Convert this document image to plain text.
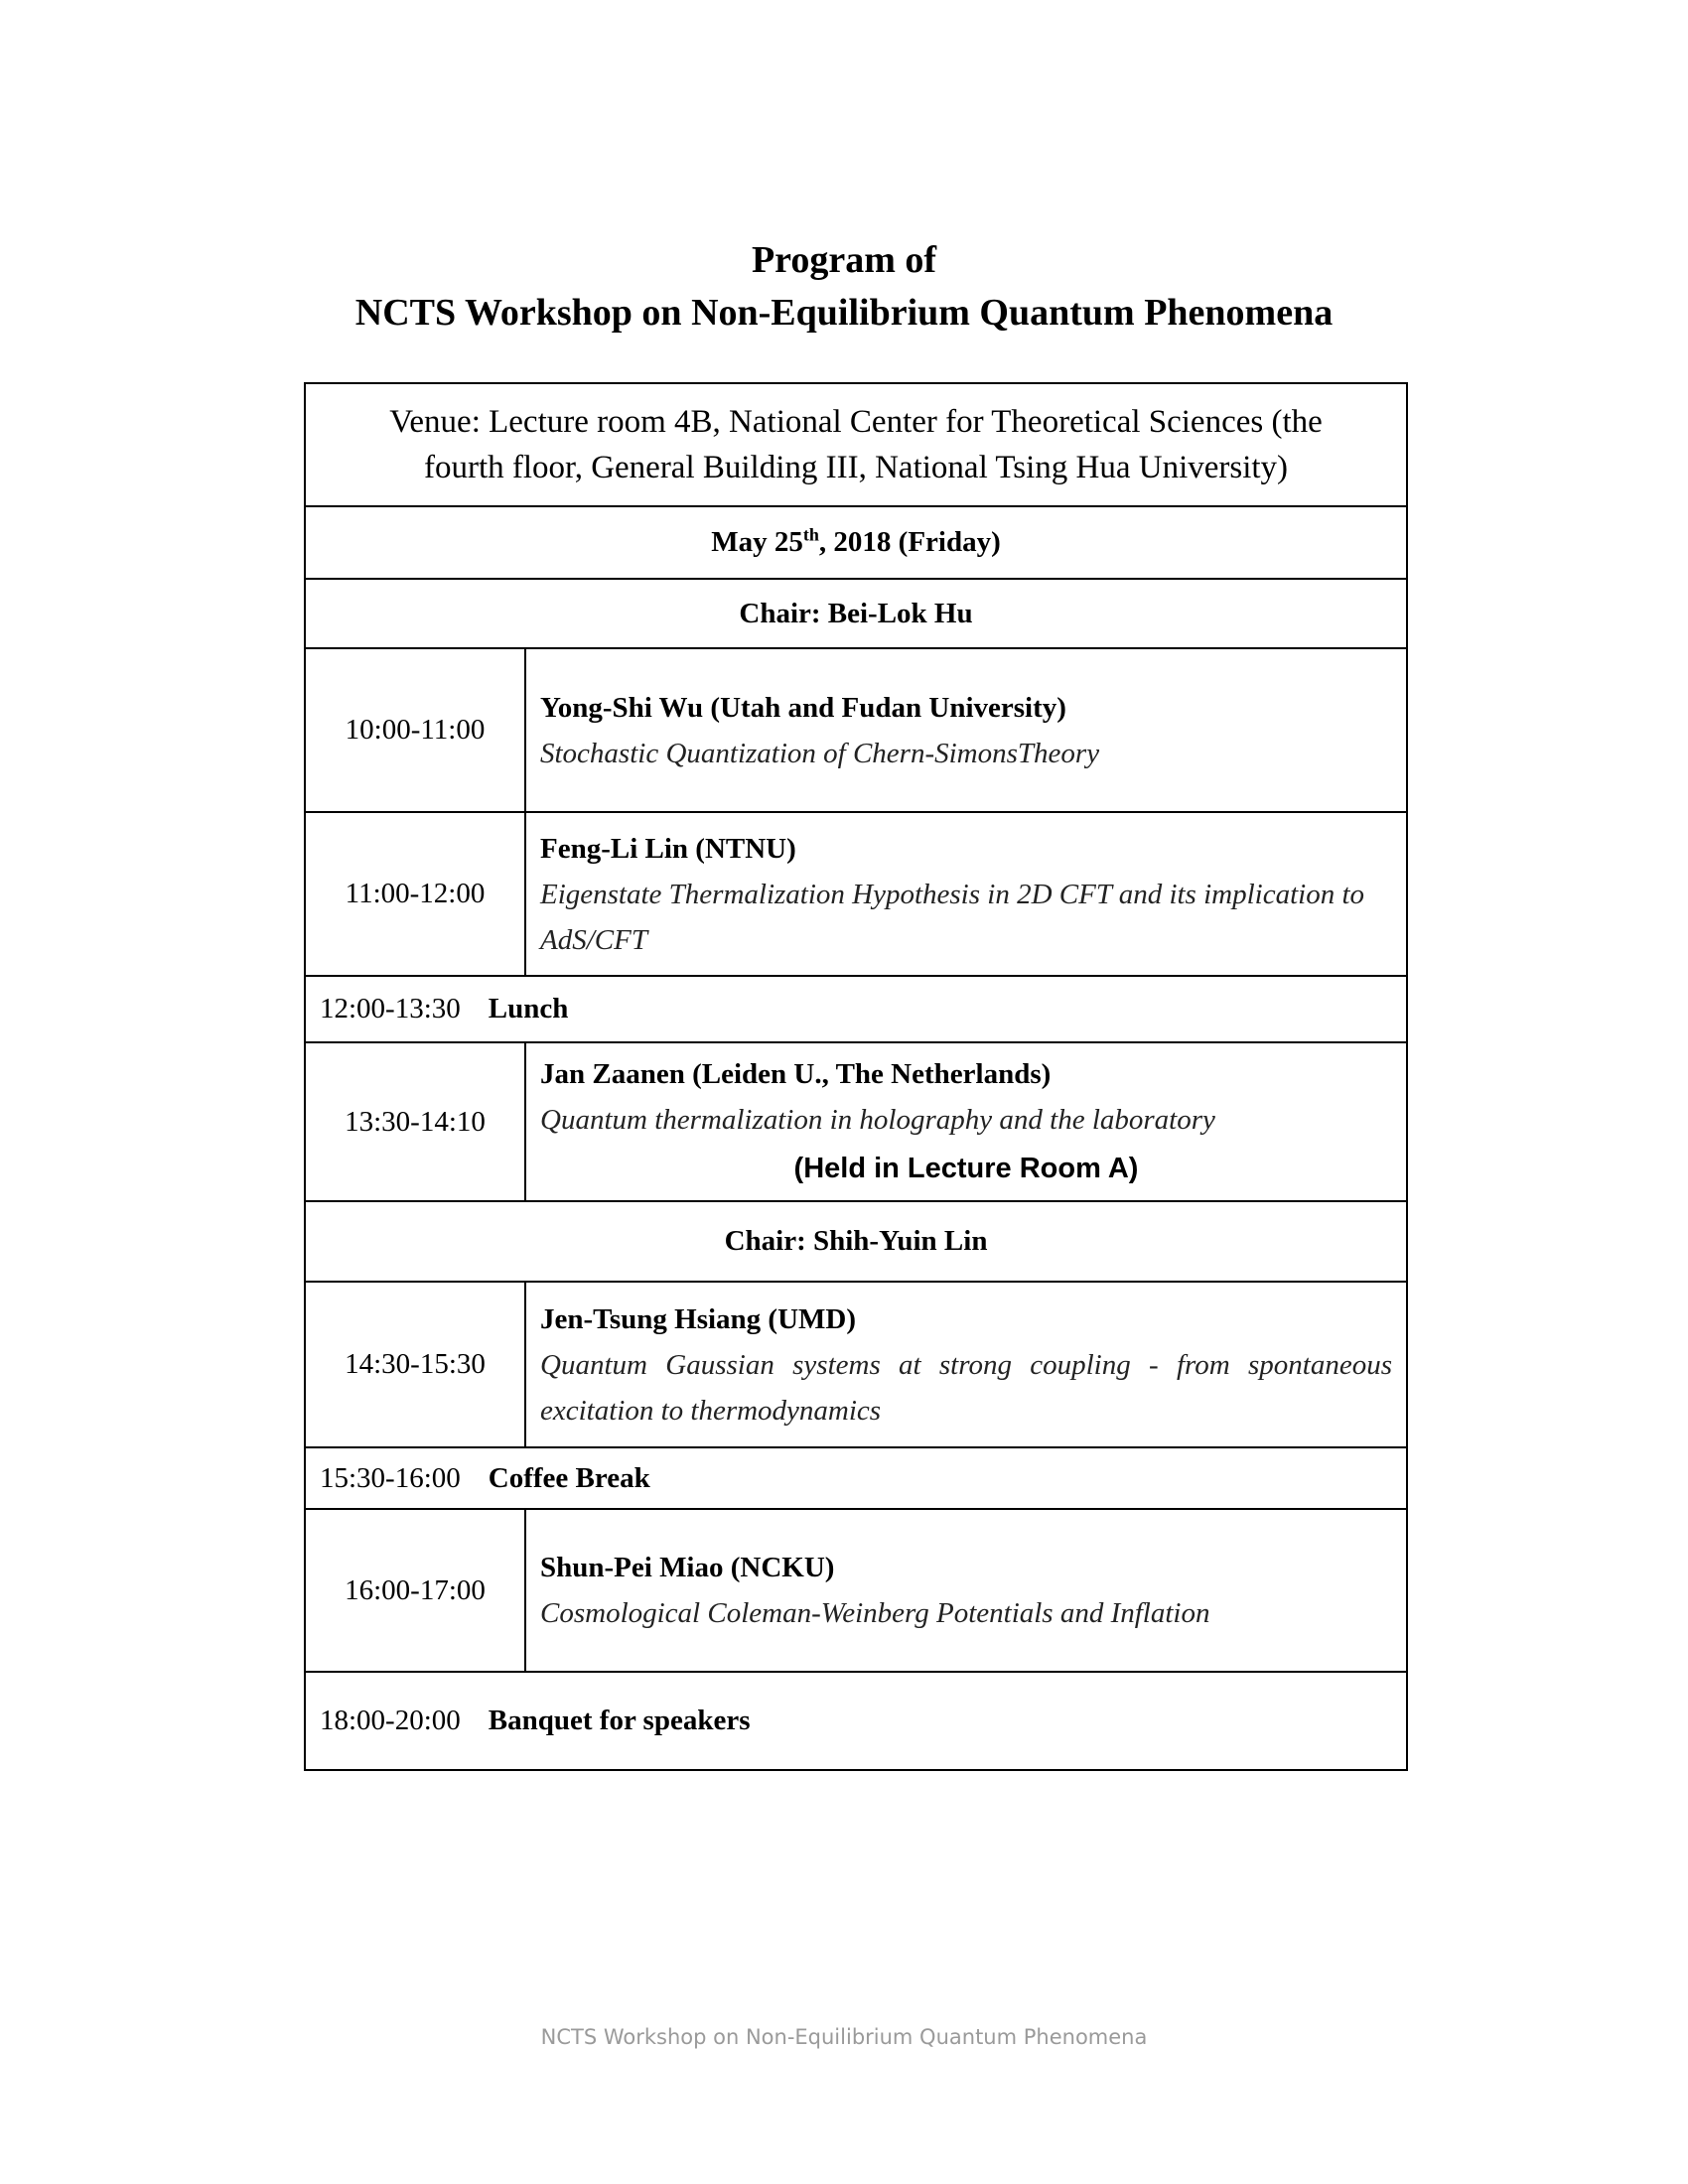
Program of
NCTS Workshop on Non-Equilibrium Quantum Phenomena
Venue: Lecture room 4B, National Center for Theoretical Sciences (the
fourth floor, General Building III, National Tsing Hua University)	

May 25th, 2018 (Friday)	
Chair: Bei-Lok Hu	
10:00-11:00	Yong-Shi Wu (Utah and Fudan University)
Stochastic Quantization of Chern-SimonsTheory

11:00-12:00	Feng-Li Lin (NTNU)
Eigenstate Thermalization Hypothesis in 2D CFT and its implication to AdS/CFT

12:00-13:30 Lunch	
13:30-14:10	Jan Zaanen (Leiden U., The Netherlands)
Quantum thermalization in holography and the laboratory
(Held in Lecture Room A)

Chair: Shih-Yuin Lin	
14:30-15:30	Jen-Tsung Hsiang (UMD)
Quantum Gaussian systems at strong coupling - from spontaneous excitation to thermodynamics

15:30-16:00 Coffee Break	
16:00-17:00	Shun-Pei Miao (NCKU)
Cosmological Coleman-Weinberg Potentials and Inflation

18:00-20:00 Banquet for speakers	
NCTS Workshop on Non-Equilibrium Quantum Phenomena
